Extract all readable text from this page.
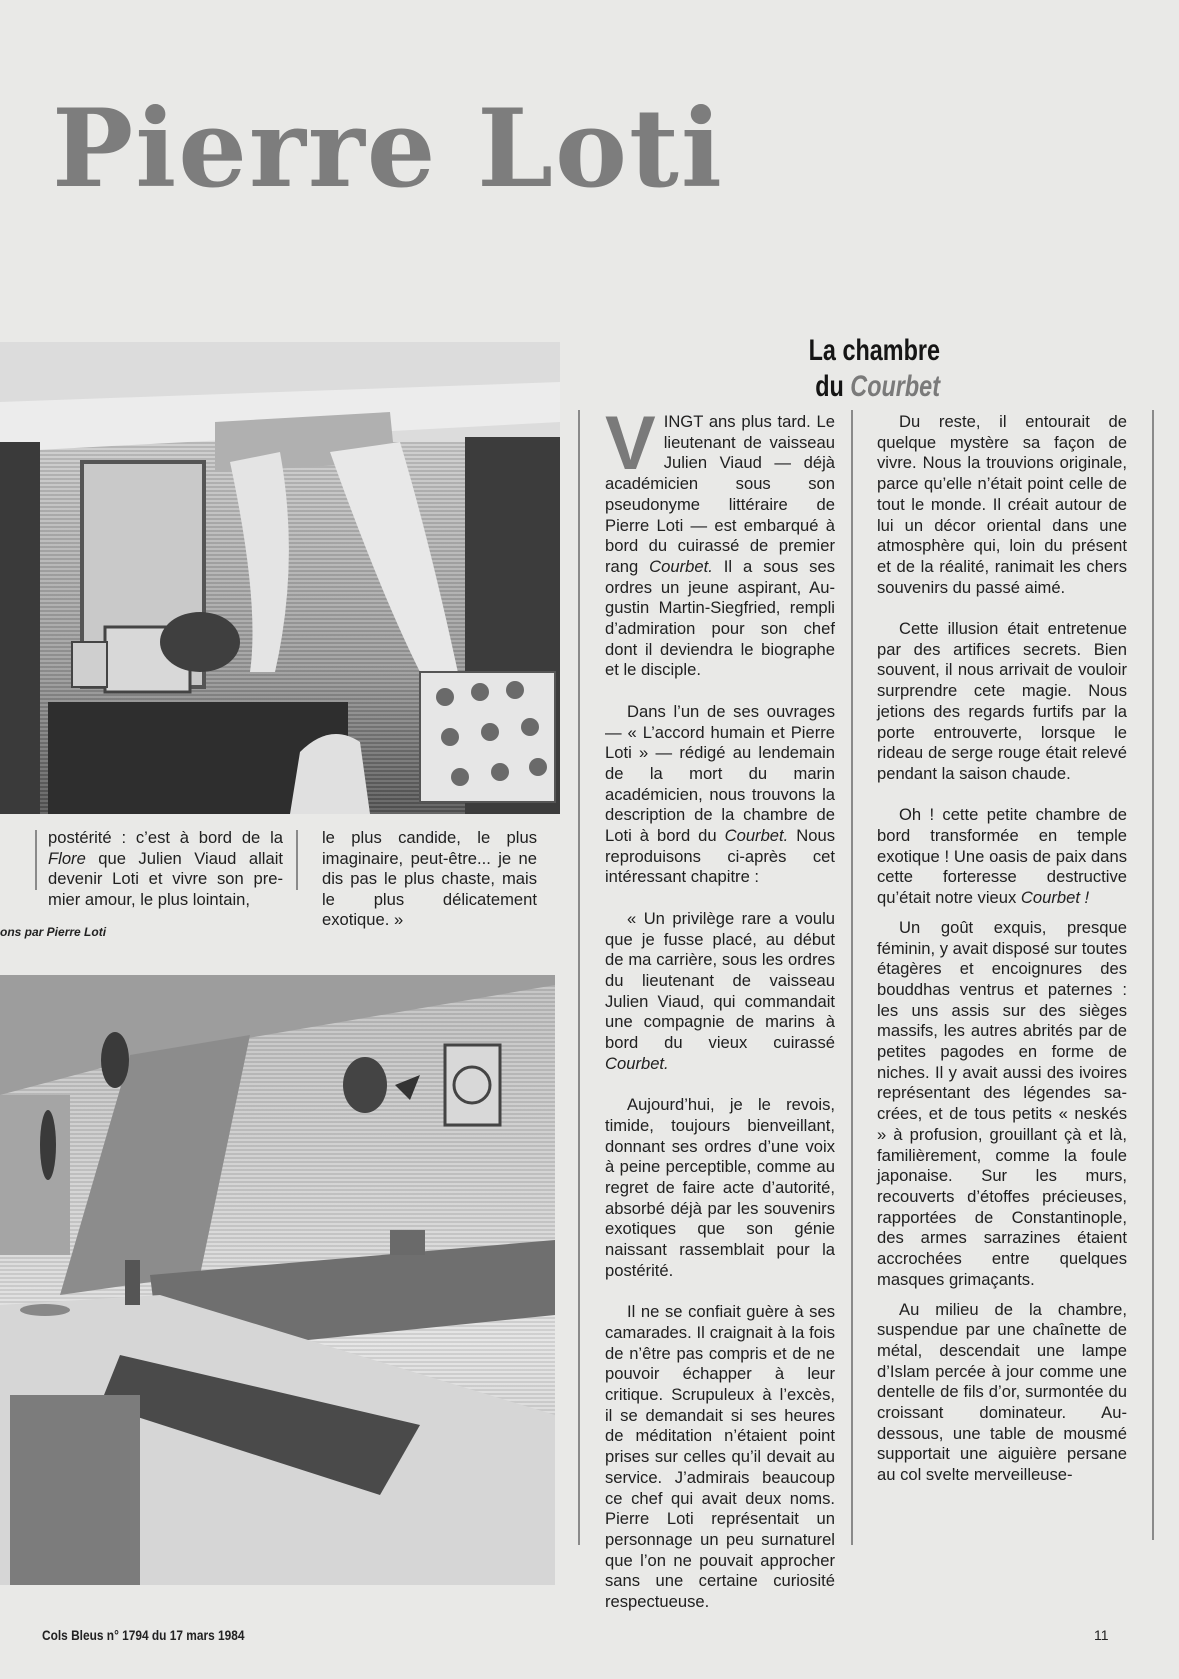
Pierre Loti
La chambre
du Courbet
postérité : c’est à bord de la Flore que Julien Viaud allait devenir Loti et vivre son premier amour, le plus lointain,
le plus candide, le plus imaginaire, peut-être... je ne dis pas le plus chaste, mais le plus délicatement exotique. »
ons par Pierre Loti

VINGT ans plus tard. Le lieutenant de vaisseau Julien Viaud — déjà académicien sous son pseudonyme littéraire de Pierre Loti — est embarqué à bord du cuirassé de premier rang Courbet. Il a sous ses ordres un jeune aspirant, Augustin Martin-Siegfried, rempli d’admiration pour son chef dont il deviendra le biographe et le disciple.

Dans l’un de ses ouvrages — « L’accord humain et Pierre Loti » — rédigé au lendemain de la mort du marin académicien, nous trouvons la description de la chambre de Loti à bord du Courbet. Nous reproduisons ci-après cet intéressant chapitre :

« Un privilège rare a voulu que je fusse placé, au début de ma carrière, sous les ordres du lieutenant de vaisseau Julien Viaud, qui commandait une compagnie de marins à bord du vieux cuirassé Courbet.

Aujourd’hui, je le revois, timide, toujours bienveillant, donnant ses ordres d’une voix à peine perceptible, comme au regret de faire acte d’autorité, absorbé déjà par les souvenirs exotiques que son génie naissant rassemblait pour la postérité.

Il ne se confiait guère à ses camarades. Il craignait à la fois de n’être pas compris et de ne pouvoir échapper à leur critique. Scrupuleux à l’excès, il se demandait si ses heures de méditation n’étaient point prises sur celles qu’il devait au service. J’admirais beaucoup ce chef qui avait deux noms. Pierre Loti représentait un personnage un peu surnaturel que l’on ne pouvait approcher sans une certaine curiosité respectueuse.

Du reste, il entourait de quelque mystère sa façon de vivre. Nous la trouvions originale, parce qu’elle n’était point celle de tout le monde. Il créait autour de lui un décor oriental dans une atmosphère qui, loin du présent et de la réalité, ranimait les chers souvenirs du passé aimé.

Cette illusion était entretenue par des artifices secrets. Bien souvent, il nous arrivait de vouloir surprendre cete magie. Nous jetions des regards furtifs par la porte entrouverte, lorsque le rideau de serge rouge était relevé pendant la saison chaude.

Oh ! cette petite chambre de bord transformée en temple exotique ! Une oasis de paix dans cette forteresse destructive qu’était notre vieux Courbet !

Un goût exquis, presque féminin, y avait disposé sur toutes étagères et encoignures des bouddhas ventrus et paternes : les uns assis sur des sièges massifs, les autres abrités par de petites pagodes en forme de niches. Il y avait aussi des ivoires représentant des légendes sacrées, et de tous petits « neskés » à profusion, grouillant çà et là, familièrement, comme la foule japonaise. Sur les murs, recouverts d’étoffes précieuses, rapportées de Constantinople, des armes sarrazines étaient accrochées entre quelques masques grimaçants.

Au milieu de la chambre, suspendue par une chaînette de métal, descendait une lampe d’Islam percée à jour comme une dentelle de fils d’or, surmontée du croissant dominateur. Au-dessous, une table de mousmé supportait une aiguière persane au col svelte merveilleuse-

Cols Bleus n° 1794 du 17 mars 1984	11
